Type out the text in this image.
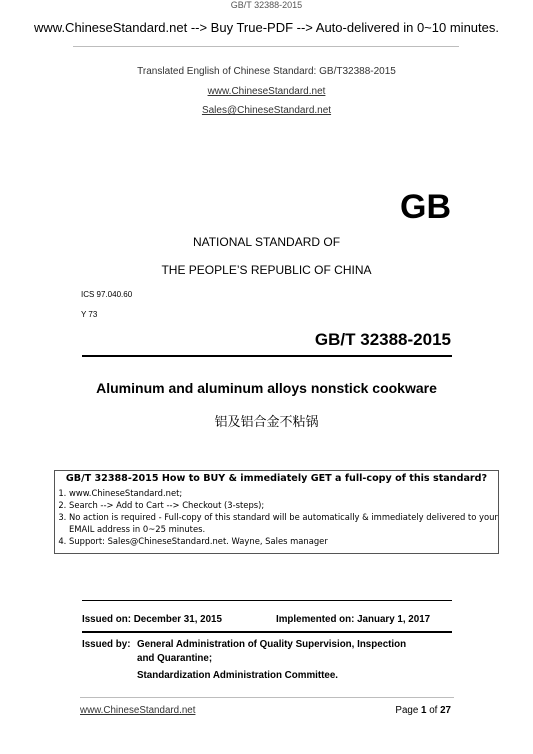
www.ChineseStandard.net --> Buy True-PDF --> Auto-delivered in 0~10 minutes.
GB/T 32388-2015
Translated English of Chinese Standard: GB/T32388-2015
www.ChineseStandard.net
Sales@ChineseStandard.net
GB
NATIONAL STANDARD OF
THE PEOPLE’S REPUBLIC OF CHINA
ICS 97.040.60
Y 73
GB/T 32388-2015
Aluminum and aluminum alloys nonstick cookware
铝及铝合金不粘锅
GB/T 32388-2015 How to BUY & immediately GET a full-copy of this standard?
1. www.ChineseStandard.net;
2. Search --> Add to Cart --> Checkout (3-steps);
3. No action is required - Full-copy of this standard will be automatically & immediately delivered to your EMAIL address in 0~25 minutes.
4. Support: Sales@ChineseStandard.net. Wayne, Sales manager
Issued on: December 31, 2015	Implemented on: January 1, 2017
Issued by: General Administration of Quality Supervision, Inspection
and Quarantine;
Standardization Administration Committee.
www.ChineseStandard.net	Page 1 of 27
